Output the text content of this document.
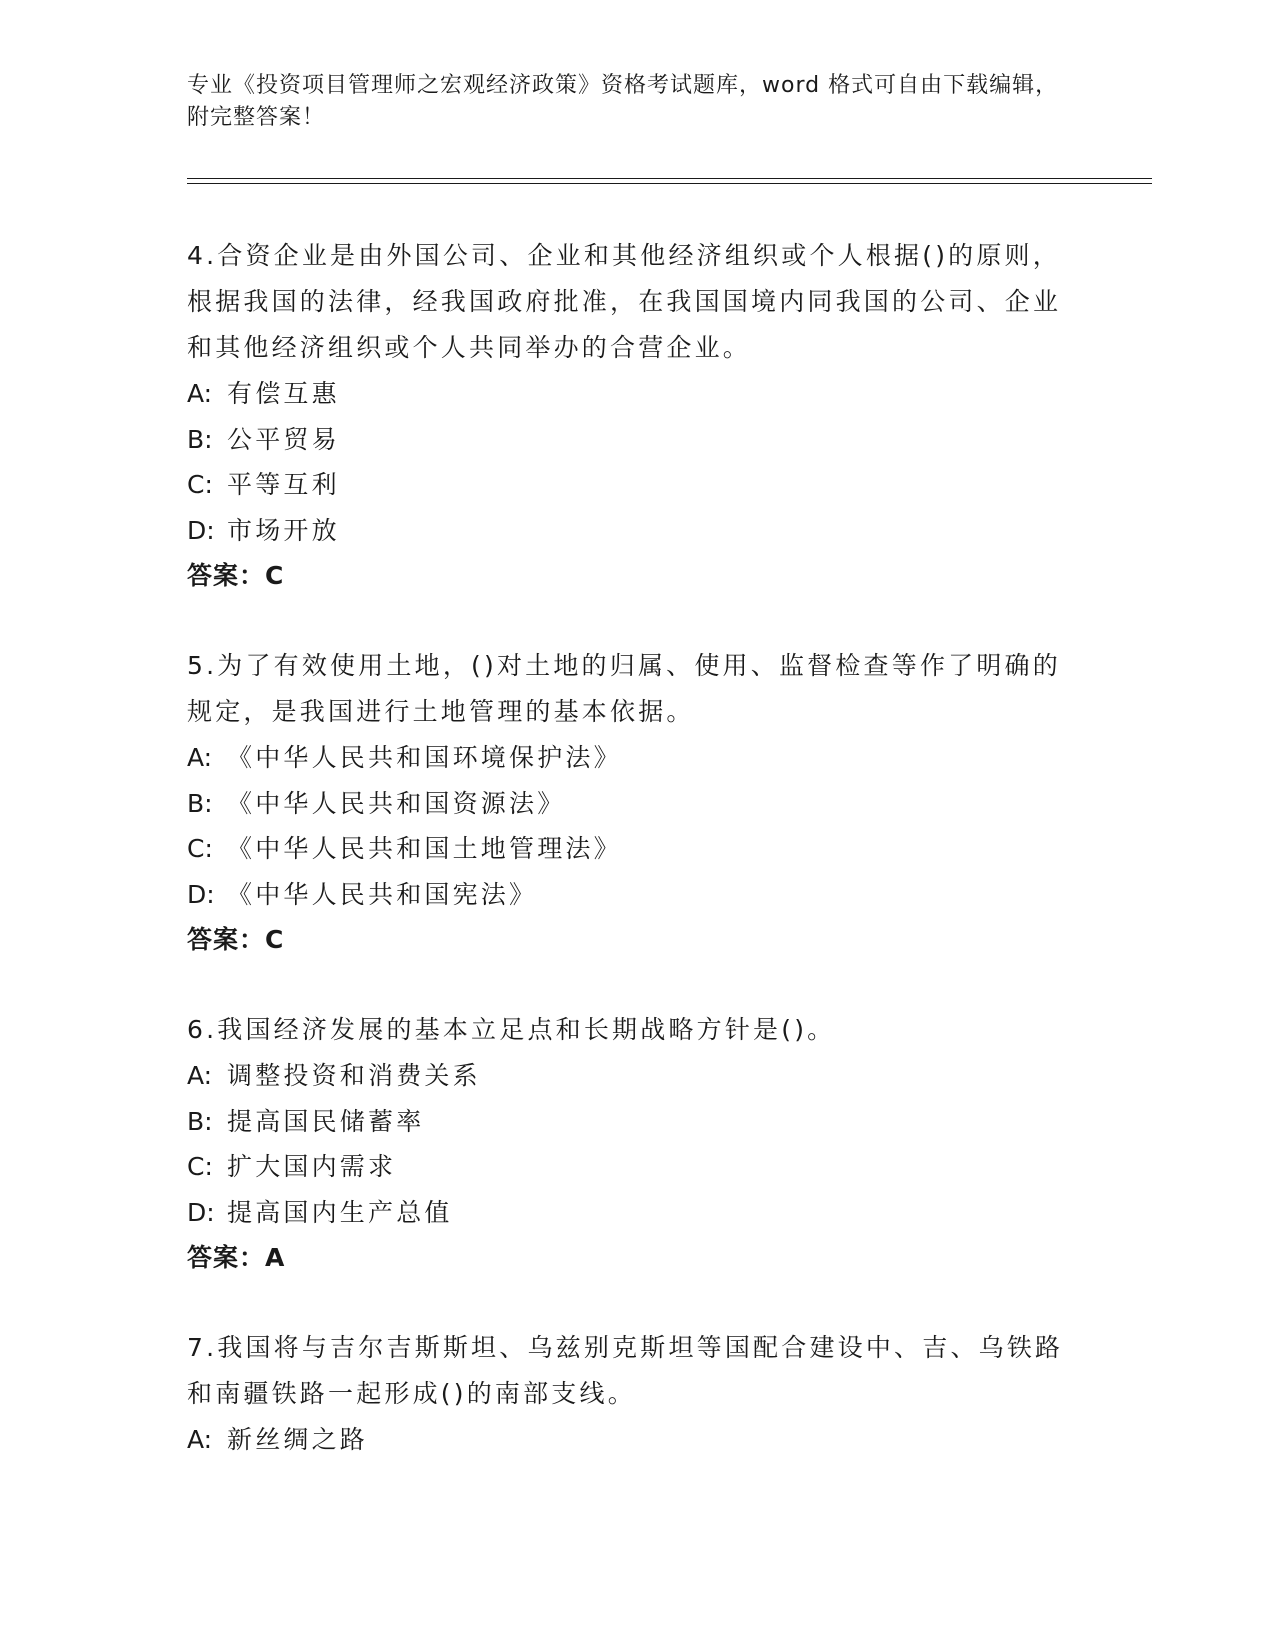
专业《投资项目管理师之宏观经济政策》资格考试题库，word 格式可自由下载编辑，附完整答案！

4.合资企业是由外国公司、企业和其他经济组织或个人根据()的原则，根据我国的法律，经我国政府批准，在我国国境内同我国的公司、企业和其他经济组织或个人共同举办的合营企业。

A: 有偿互惠

B: 公平贸易

C: 平等互利

D: 市场开放

答案：C

5.为了有效使用土地，()对土地的归属、使用、监督检查等作了明确的规定，是我国进行土地管理的基本依据。

A: 《中华人民共和国环境保护法》

B: 《中华人民共和国资源法》

C: 《中华人民共和国土地管理法》

D: 《中华人民共和国宪法》

答案：C

6.我国经济发展的基本立足点和长期战略方针是()。

A: 调整投资和消费关系

B: 提高国民储蓄率

C: 扩大国内需求

D: 提高国内生产总值

答案：A

7.我国将与吉尔吉斯斯坦、乌兹别克斯坦等国配合建设中、吉、乌铁路和南疆铁路一起形成()的南部支线。

A: 新丝绸之路
